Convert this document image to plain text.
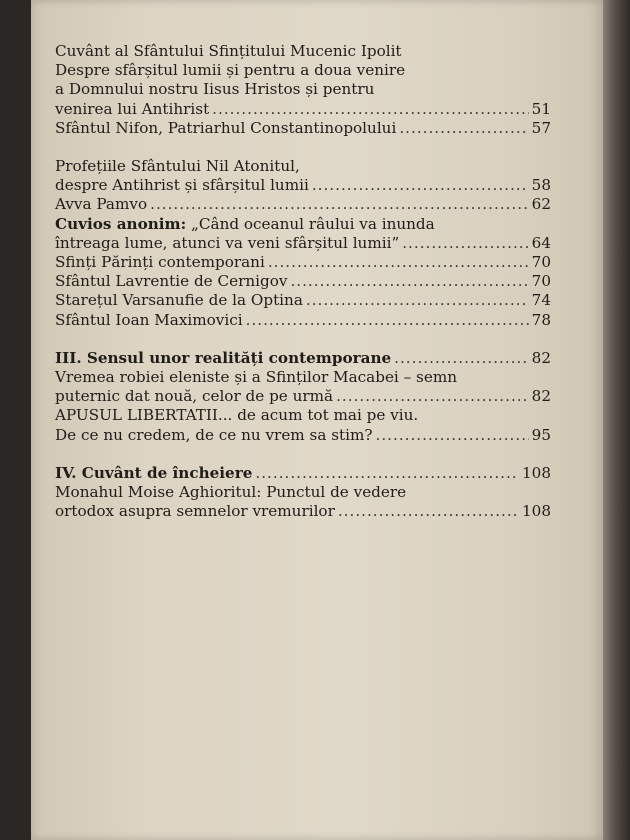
Cuvânt al Sfântului Sfințitului Mucenic Ipolit
Despre sfârșitul lumii și pentru a doua venire
a Domnului nostru Iisus Hristos și pentru
venirea lui Antihrist .....	51
Sfântul Nifon, Patriarhul Constantinopolului .....	57
Profețiile Sfântului Nil Atonitul,
despre Antihrist și sfârșitul lumii .....	58
Avva Pamvo .....	62
Cuvios anonim: „Când oceanul râului va inunda
întreaga lume, atunci va veni sfârșitul lumii” .....	64
Sfinți Părinți contemporani .....	70
Sfântul Lavrentie de Cernigov .....	70
Starețul Varsanufie de la Optina .....	74
Sfântul Ioan Maximovici .....	78
III. Sensul unor realități contemporane .....	82
Vremea robiei eleniste și a Sfinților Macabei – semn
puternic dat nouă, celor de pe urmă .....	82
APUSUL LIBERTATII... de acum tot mai pe viu.
De ce nu credem, de ce nu vrem sa stim? .....	95
IV. Cuvânt de încheiere .....	108
Monahul Moise Aghioritul: Punctul de vedere
ortodox asupra semnelor vremurilor .....	108
